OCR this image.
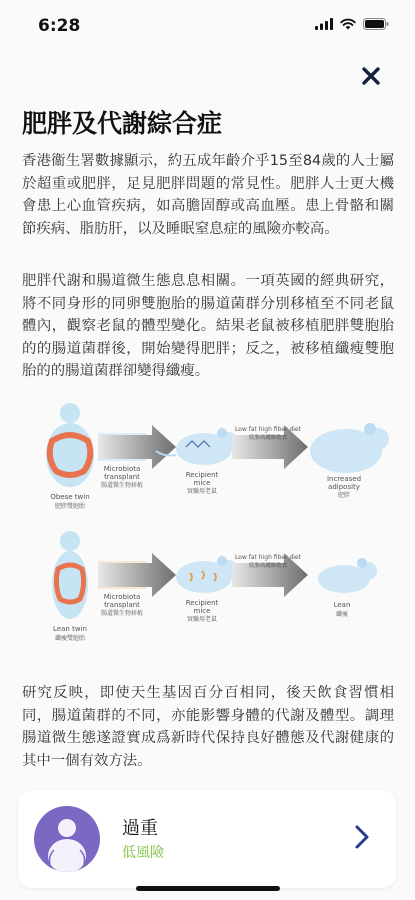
6:28
肥胖及代謝綜合症

香港衞生署數據顯示，約五成年齡介乎15至84歲的人士屬於超重或肥胖，足見肥胖問題的常見性。肥胖人士更大機會患上心血管疾病，如高膽固醇或高血壓。患上骨骼和關節疾病、脂肪肝，以及睡眠窒息症的風險亦較高。

肥胖代謝和腸道微生態息息相關。一項英國的經典研究，將不同身形的同卵雙胞胎的腸道菌群分別移植至不同老鼠體內，觀察老鼠的體型變化。結果老鼠被移植肥胖雙胞胎的的腸道菌群後，開始變得肥胖；反之，被移植纖瘦雙胞胎的的腸道菌群卻變得纖瘦。

Obese twin
肥胖雙胞胎
Microbiota
transplant
腸道微生物移植
Recipient
mice
實驗用老鼠
Low fat high fiber diet
低脂高纖維飲食
Increased
adiposity
肥胖
Lean twin
纖瘦雙胞胎
Microbiota
transplant
腸道微生物移植
Recipient
mice
實驗用老鼠
Low fat high fiber diet
低脂高纖維飲食
Lean
纖瘦

研究反映，即使天生基因百分百相同，後天飲食習慣相同，腸道菌群的不同，亦能影響身體的代謝及體型。調理腸道微生態遂證實成爲新時代保持良好體態及代謝健康的其中一個有效方法。

過重
低風險
